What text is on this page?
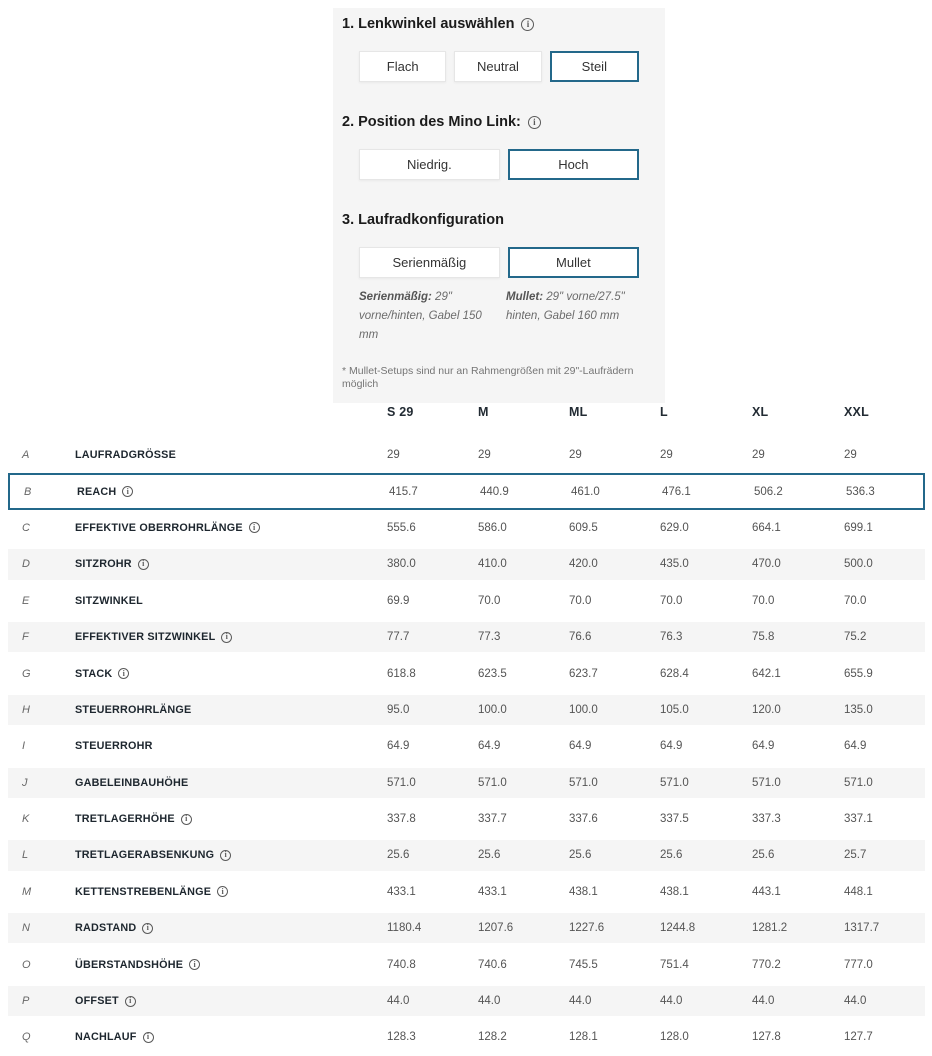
1. Lenkwinkel auswählen	i
Flach	Neutral	Steil
2. Position des Mino Link:	i
Niedrig.	Hoch
3. Laufradkonfiguration
Serienmäßig	Mullet
Serienmäßig: 29" vorne/hinten, Gabel 150 mm
Mullet: 29" vorne/27.5" hinten, Gabel 160 mm
* Mullet-Setups sind nur an Rahmengrößen mit 29"-Laufrädern möglich
S 29	M	ML	L	XL	XXL
A	LAUFRADGRÖSSE	29	29	29	29	29	29
B	REACH	i	415.7	440.9	461.0	476.1	506.2	536.3
C	EFFEKTIVE OBERROHRLÄNGE	i	555.6	586.0	609.5	629.0	664.1	699.1
D	SITZROHR	i	380.0	410.0	420.0	435.0	470.0	500.0
E	SITZWINKEL	69.9	70.0	70.0	70.0	70.0	70.0
F	EFFEKTIVER SITZWINKEL	i	77.7	77.3	76.6	76.3	75.8	75.2
G	STACK	i	618.8	623.5	623.7	628.4	642.1	655.9
H	STEUERROHRLÄNGE	95.0	100.0	100.0	105.0	120.0	135.0
I	STEUERROHR	64.9	64.9	64.9	64.9	64.9	64.9
J	GABELEINBAUHÖHE	571.0	571.0	571.0	571.0	571.0	571.0
K	TRETLAGERHÖHE	i	337.8	337.7	337.6	337.5	337.3	337.1
L	TRETLAGERABSENKUNG	i	25.6	25.6	25.6	25.6	25.6	25.7
M	KETTENSTREBENLÄNGE	i	433.1	433.1	438.1	438.1	443.1	448.1
N	RADSTAND	i	1180.4	1207.6	1227.6	1244.8	1281.2	1317.7
O	ÜBERSTANDSHÖHE	i	740.8	740.6	745.5	751.4	770.2	777.0
P	OFFSET	i	44.0	44.0	44.0	44.0	44.0	44.0
Q	NACHLAUF	i	128.3	128.2	128.1	128.0	127.8	127.7
